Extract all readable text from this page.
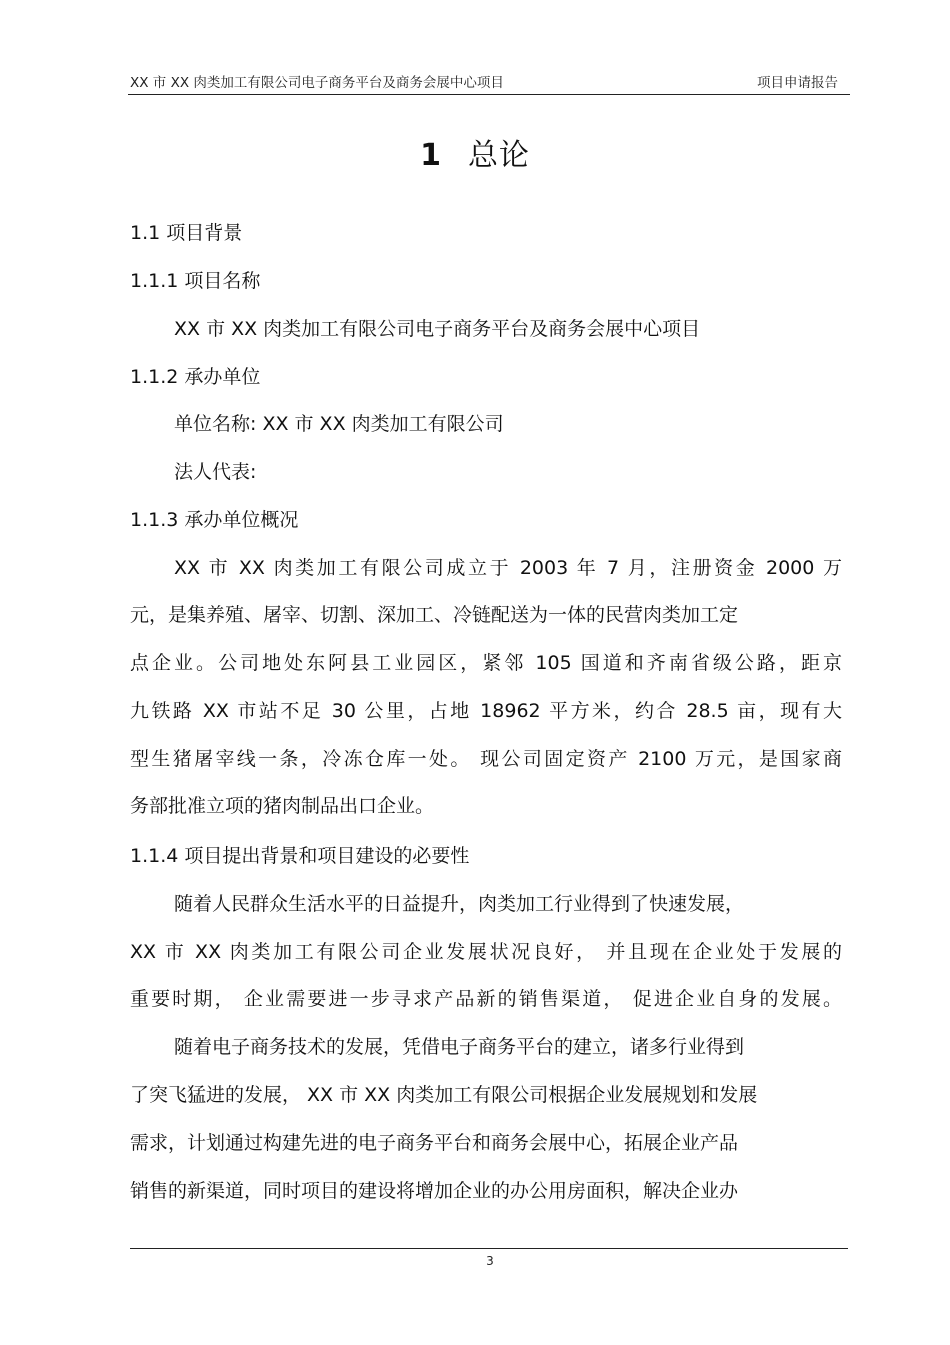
XX 市 XX 肉类加工有限公司电子商务平台及商务会展中心项目	项目申请报告
1 总论
1.1 项目背景
1.1.1 项目名称
XX 市 XX 肉类加工有限公司电子商务平台及商务会展中心项目
1.1.2 承办单位
单位名称: XX 市 XX 肉类加工有限公司
法人代表:
1.1.3 承办单位概况
XX 市 XX 肉类加工有限公司成立于 2003 年 7 月，注册资金 2000 万
元，是集养殖、屠宰、切割、深加工、冷链配送为一体的民营肉类加工定
点企业。公司地处东阿县工业园区，紧邻 105 国道和齐南省级公路，距京
九铁路 XX 市站不足 30 公里，占地 18962 平方米，约合 28.5 亩，现有大
型生猪屠宰线一条，冷冻仓库一处。 现公司固定资产 2100 万元，是国家商
务部批准立项的猪肉制品出口企业。
1.1.4 项目提出背景和项目建设的必要性
随着人民群众生活水平的日益提升，肉类加工行业得到了快速发展，
XX 市 XX 肉类加工有限公司企业发展状况良好， 并且现在企业处于发展的
重要时期， 企业需要进一步寻求产品新的销售渠道， 促进企业自身的发展。
随着电子商务技术的发展，凭借电子商务平台的建立，诸多行业得到
了突飞猛进的发展， XX 市 XX 肉类加工有限公司根据企业发展规划和发展
需求，计划通过构建先进的电子商务平台和商务会展中心，拓展企业产品
销售的新渠道，同时项目的建设将增加企业的办公用房面积，解决企业办
3
